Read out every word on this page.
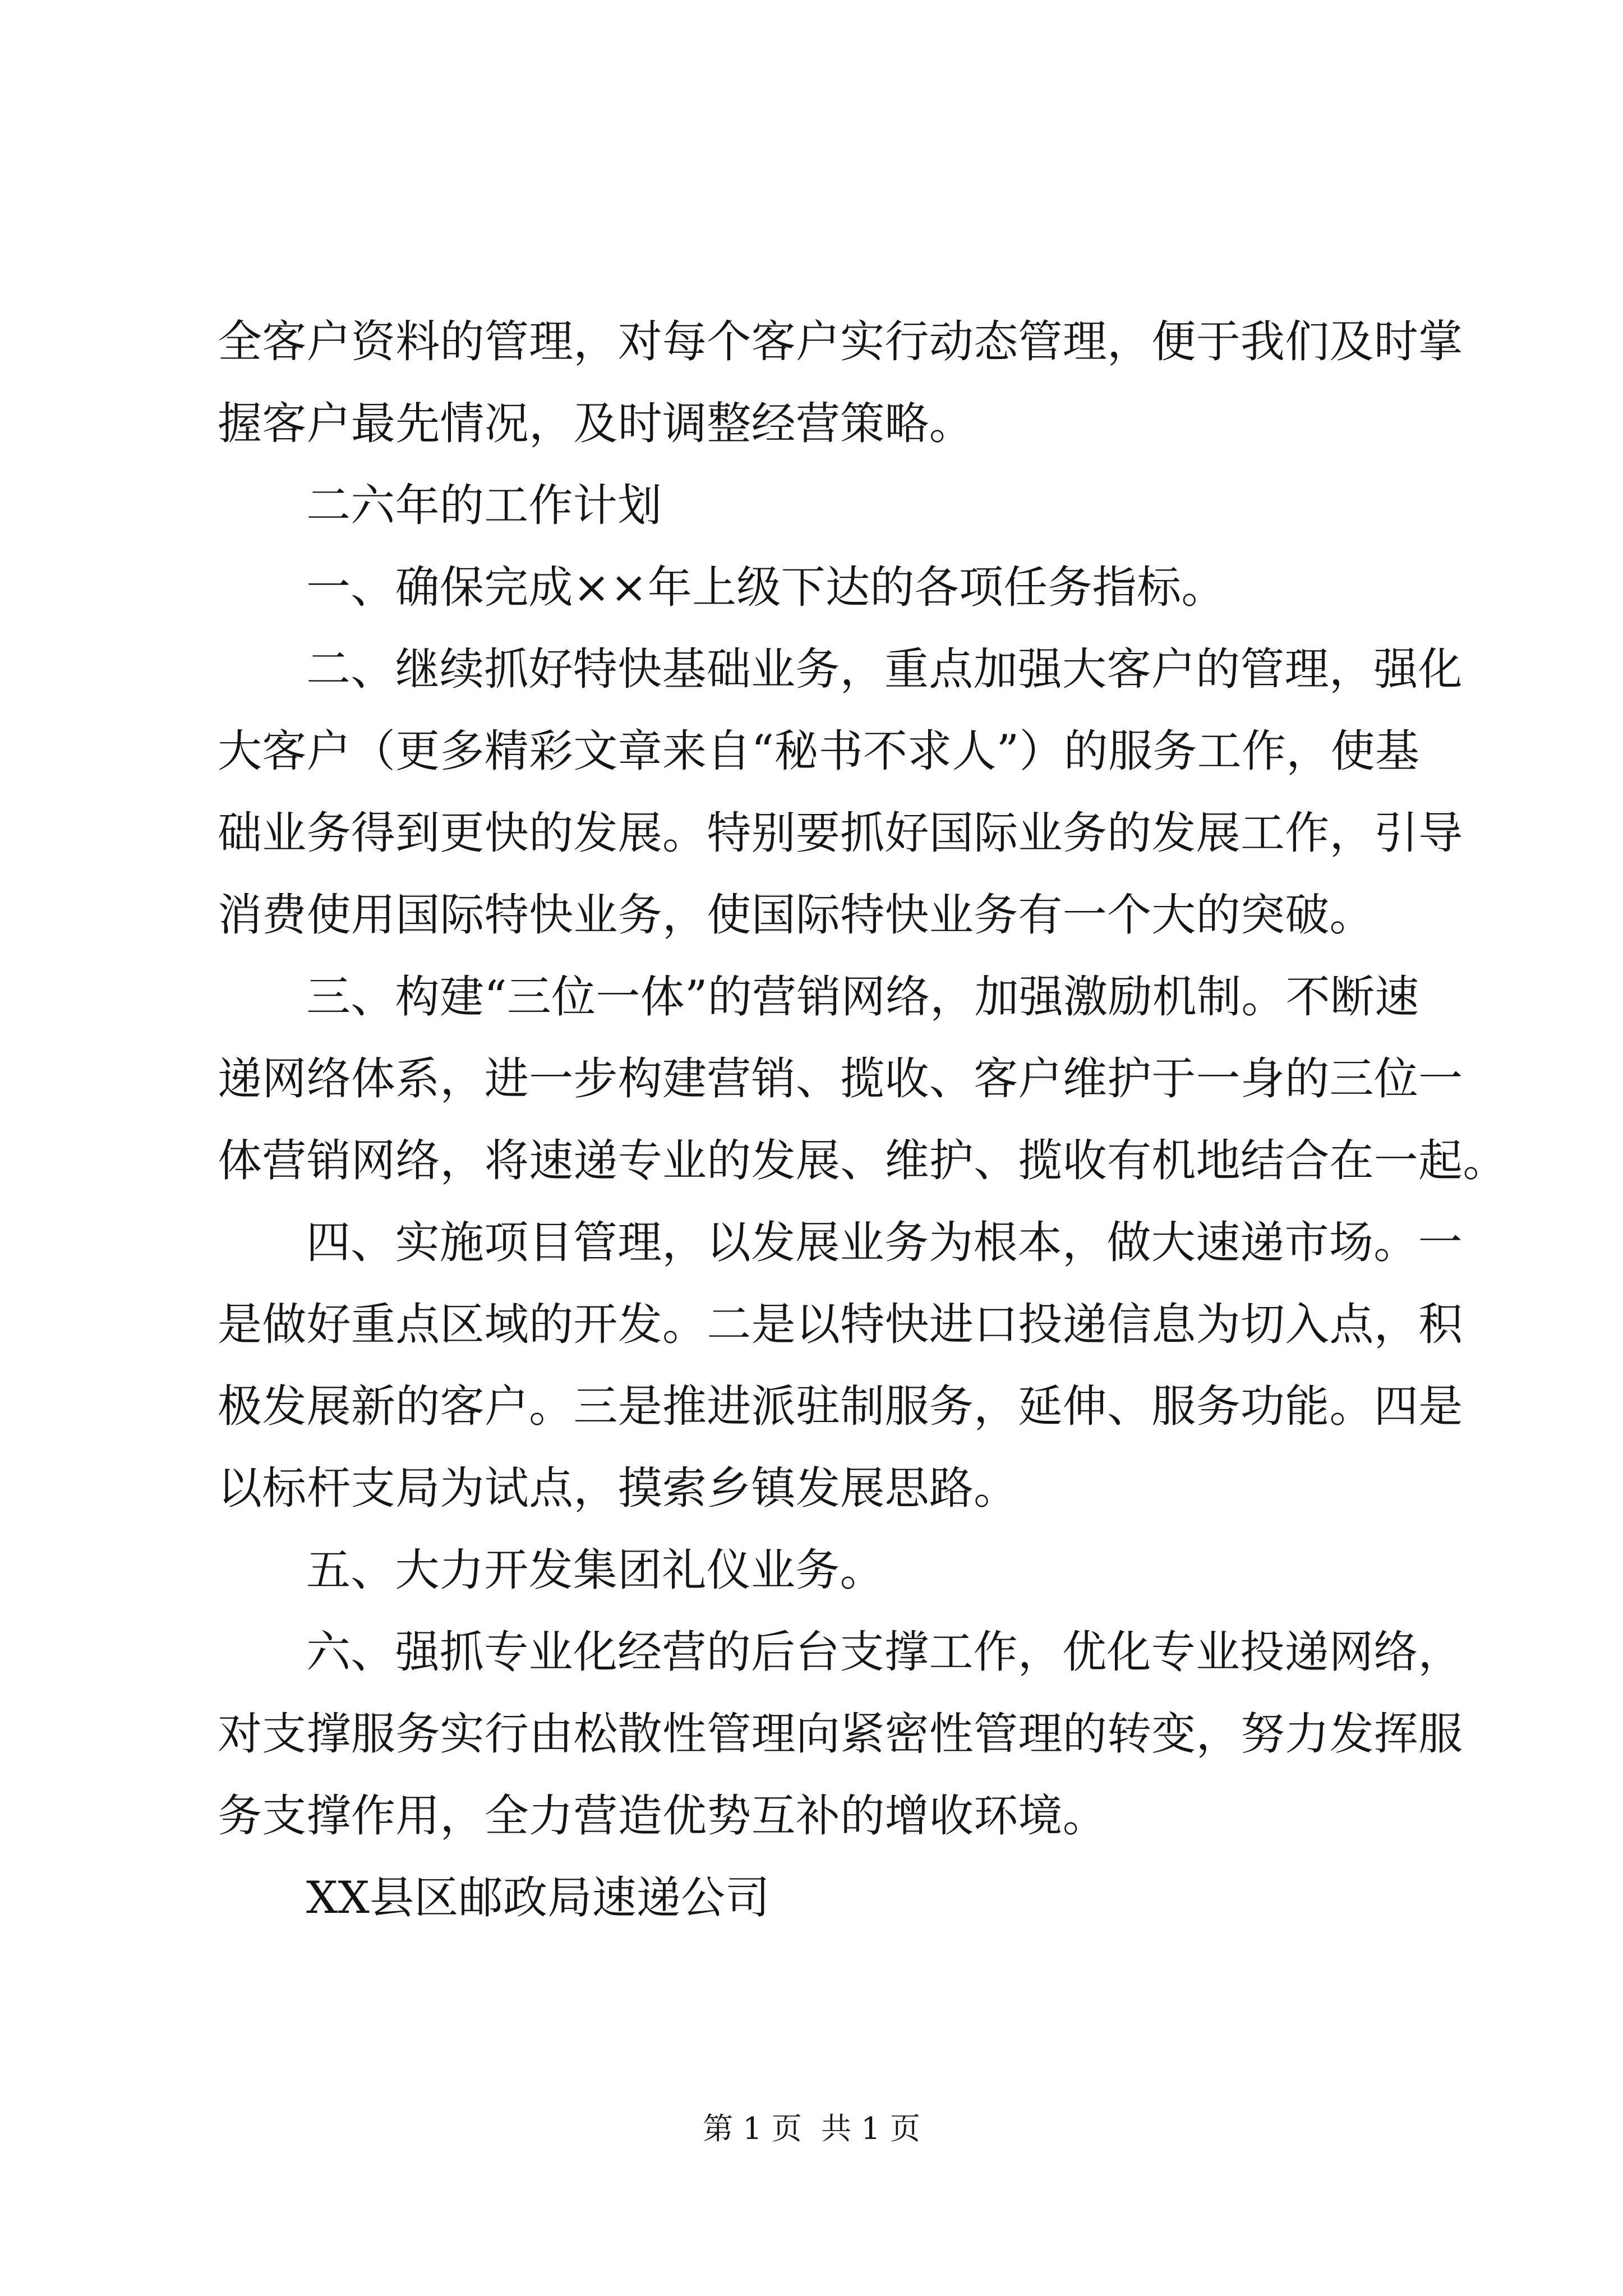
全客户资料的管理，对每个客户实行动态管理，便于我们及时掌
握客户最先情况，及时调整经营策略。
二六年的工作计划
一、确保完成××年上级下达的各项任务指标。
二、继续抓好特快基础业务，重点加强大客户的管理，强化
大客户（更多精彩文章来自“秘书不求人”）的服务工作，使基
础业务得到更快的发展。特别要抓好国际业务的发展工作，引导
消费使用国际特快业务，使国际特快业务有一个大的突破。
三、构建“三位一体”的营销网络，加强激励机制。不断速
递网络体系，进一步构建营销、揽收、客户维护于一身的三位一
体营销网络，将速递专业的发展、维护、揽收有机地结合在一起。
四、实施项目管理，以发展业务为根本，做大速递市场。一
是做好重点区域的开发。二是以特快进口投递信息为切入点，积
极发展新的客户。三是推进派驻制服务，延伸、服务功能。四是
以标杆支局为试点，摸索乡镇发展思路。
五、大力开发集团礼仪业务。
六、强抓专业化经营的后台支撑工作，优化专业投递网络，
对支撑服务实行由松散性管理向紧密性管理的转变，努力发挥服
务支撑作用，全力营造优势互补的增收环境。
XX县区邮政局速递公司
第 1 页  共 1 页
